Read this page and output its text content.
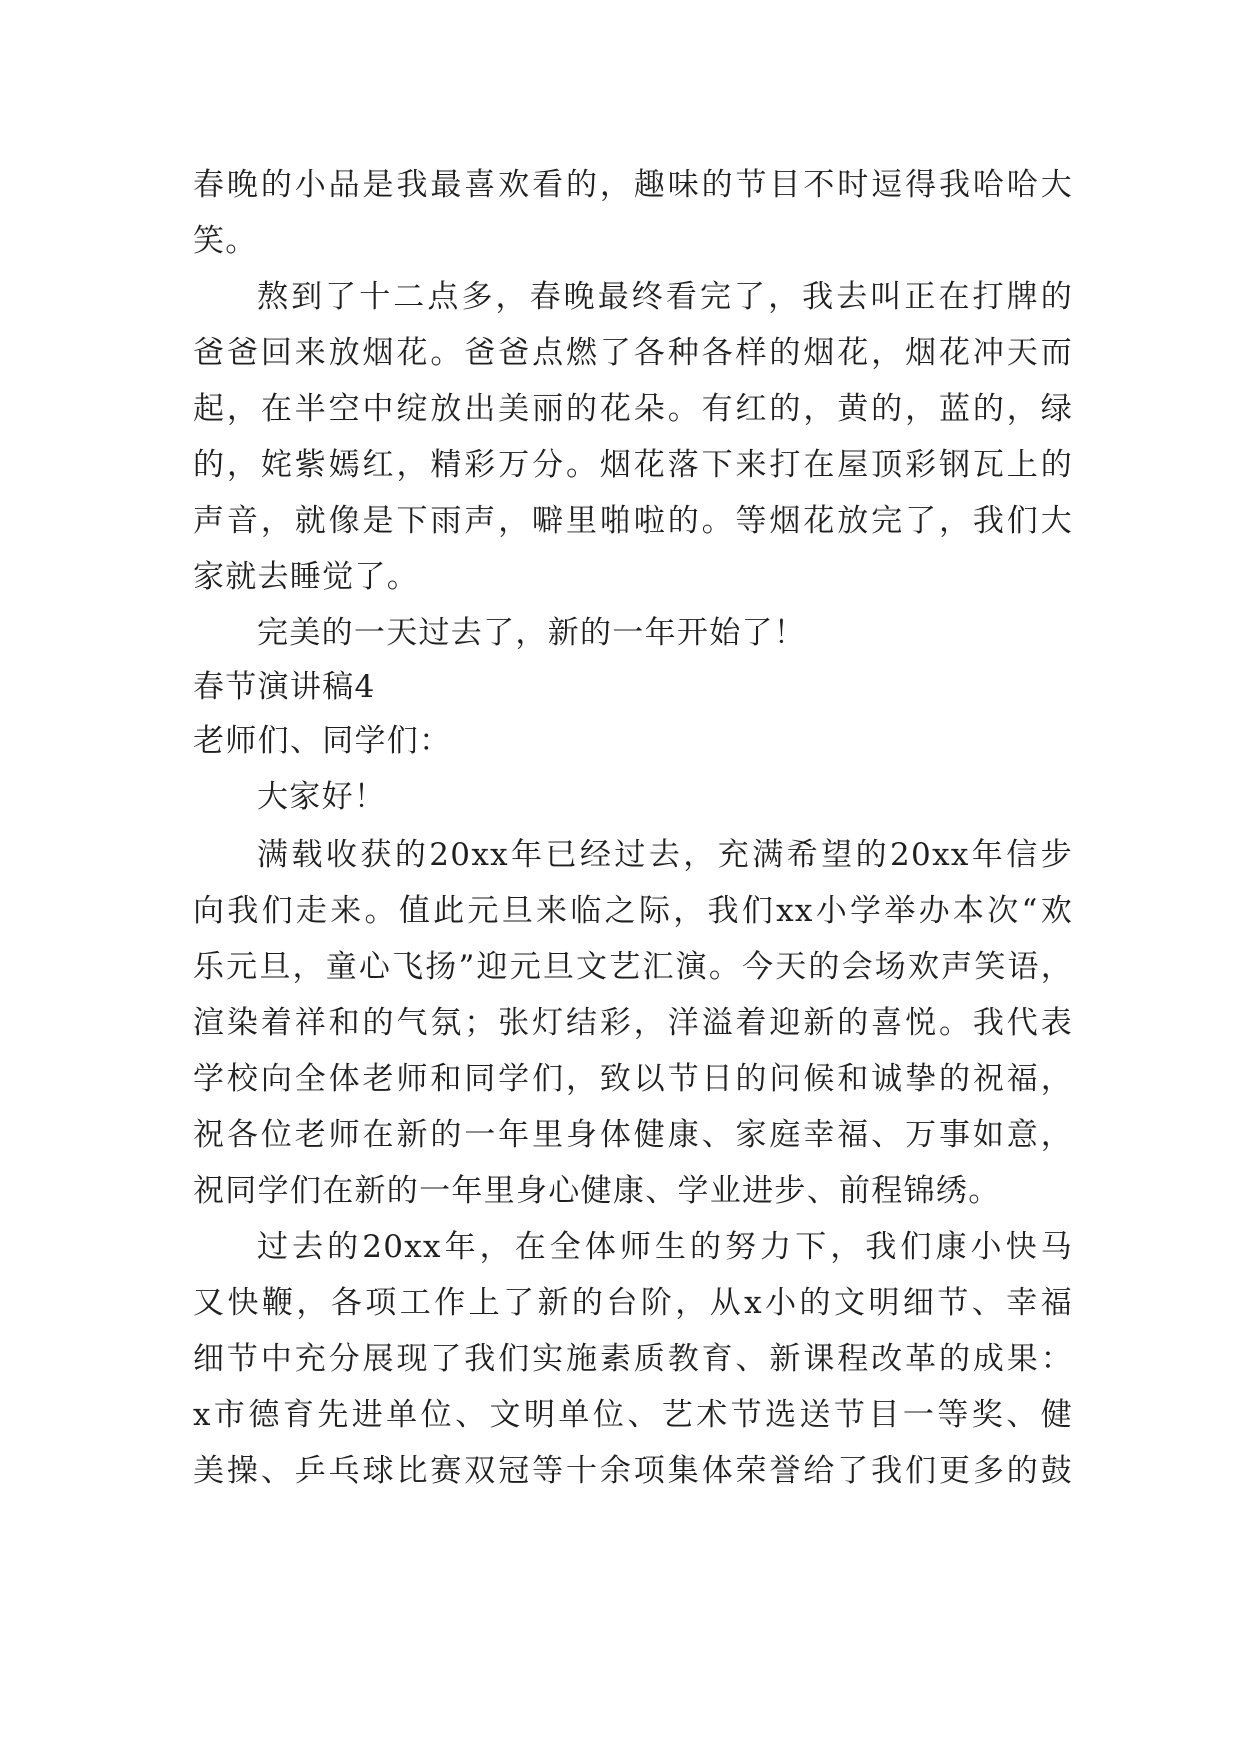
春晚的小品是我最喜欢看的，趣味的节目不时逗得我哈哈大
笑。
熬到了十二点多，春晚最终看完了，我去叫正在打牌的
爸爸回来放烟花。爸爸点燃了各种各样的烟花，烟花冲天而
起，在半空中绽放出美丽的花朵。有红的，黄的，蓝的，绿
的，姹紫嫣红，精彩万分。烟花落下来打在屋顶彩钢瓦上的
声音，就像是下雨声，噼里啪啦的。等烟花放完了，我们大
家就去睡觉了。
完美的一天过去了，新的一年开始了！
春节演讲稿4
老师们、同学们：
大家好！
满载收获的20xx年已经过去，充满希望的20xx年信步
向我们走来。值此元旦来临之际，我们xx小学举办本次“欢
乐元旦，童心飞扬”迎元旦文艺汇演。今天的会场欢声笑语，
渲染着祥和的气氛；张灯结彩，洋溢着迎新的喜悦。我代表
学校向全体老师和同学们，致以节日的问候和诚挚的祝福，
祝各位老师在新的一年里身体健康、家庭幸福、万事如意，
祝同学们在新的一年里身心健康、学业进步、前程锦绣。
过去的20xx年，在全体师生的努力下，我们康小快马
又快鞭，各项工作上了新的台阶，从x小的文明细节、幸福
细节中充分展现了我们实施素质教育、新课程改革的成果：
x市德育先进单位、文明单位、艺术节选送节目一等奖、健
美操、乒乓球比赛双冠等十余项集体荣誉给了我们更多的鼓
